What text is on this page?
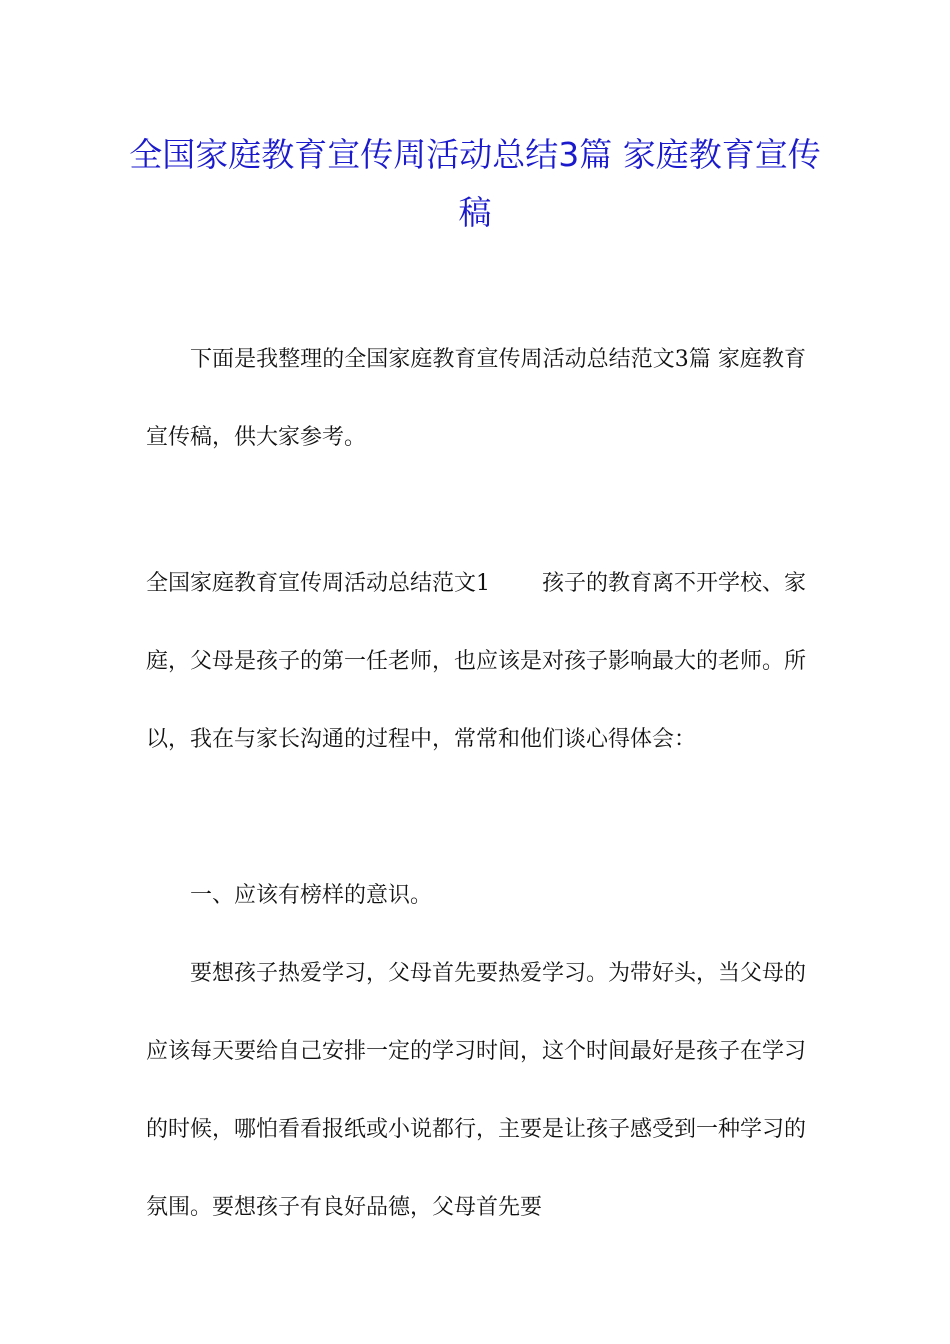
全国家庭教育宣传周活动总结3篇 家庭教育宣传稿

下面是我整理的全国家庭教育宣传周活动总结范文3篇 家庭教育宣传稿，供大家参考。

全国家庭教育宣传周活动总结范文1 孩子的教育离不开学校、家庭，父母是孩子的第一任老师，也应该是对孩子影响最大的老师。所以，我在与家长沟通的过程中，常常和他们谈心得体会：

一、应该有榜样的意识。

要想孩子热爱学习，父母首先要热爱学习。为带好头，当父母的应该每天要给自己安排一定的学习时间，这个时间最好是孩子在学习的时候，哪怕看看报纸或小说都行，主要是让孩子感受到一种学习的氛围。要想孩子有良好品德，父母首先要
